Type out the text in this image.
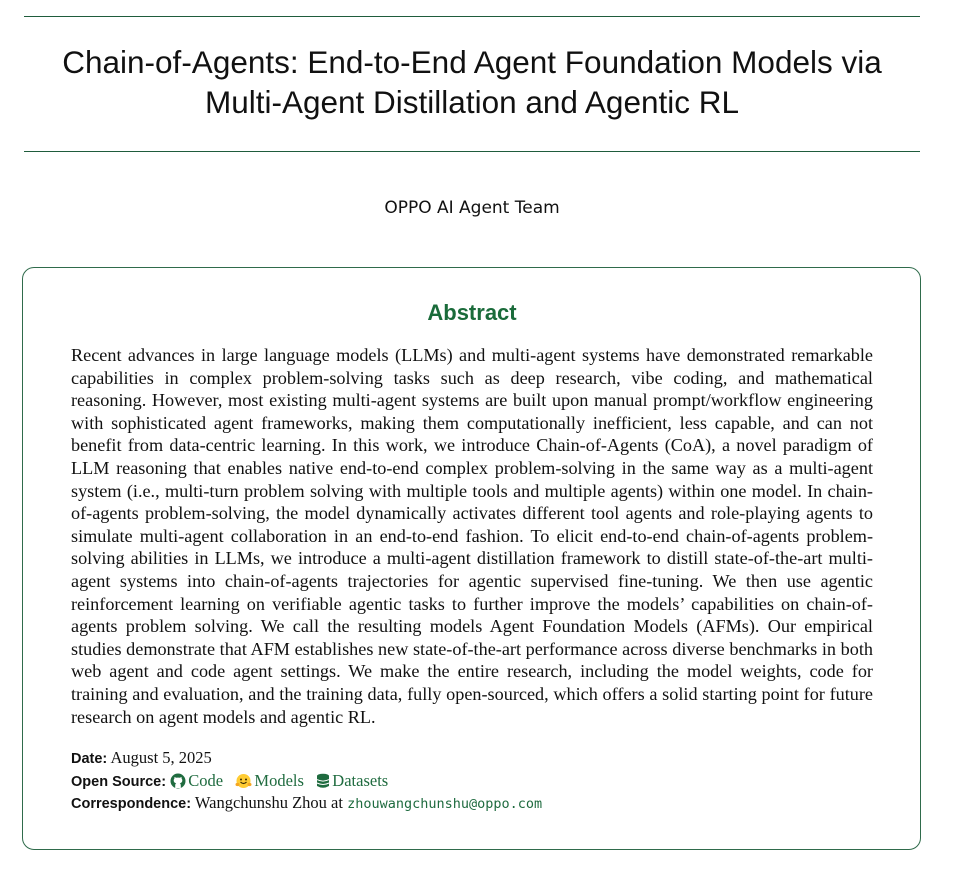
Chain-of-Agents: End-to-End Agent Foundation Models via
Multi-Agent Distillation and Agentic RL
OPPO AI Agent Team
Abstract

Recent advances in large language models (LLMs) and multi-agent systems have demonstrated remarkable capabilities in complex problem-solving tasks such as deep research, vibe coding, and mathematical reasoning. However, most existing multi-agent systems are built upon manual prompt/workflow engineering with sophisticated agent frameworks, making them computationally inefficient, less capable, and can not benefit from data-centric learning. In this work, we introduce Chain-of-Agents (CoA), a novel paradigm of LLM reasoning that enables native end-to-end complex problem-solving in the same way as a multi-agent system (i.e., multi-turn problem solving with multiple tools and multiple agents) within one model. In chain-of-agents problem-solving, the model dynamically activates different tool agents and role-playing agents to simulate multi-agent collaboration in an end-to-end fashion. To elicit end-to-end chain-of-agents problem-solving abilities in LLMs, we introduce a multi-agent distillation framework to distill state-of-the-art multi-agent systems into chain-of-agents trajectories for agentic supervised fine-tuning. We then use agentic reinforcement learning on verifiable agentic tasks to further improve the models’ capabilities on chain-of-agents problem solving. We call the resulting models Agent Foundation Models (AFMs). Our empirical studies demonstrate that AFM establishes new state-of-the-art performance across diverse benchmarks in both web agent and code agent settings. We make the entire research, including the model weights, code for training and evaluation, and the training data, fully open-sourced, which offers a solid starting point for future research on agent models and agentic RL.

Date: August 5, 2025
Open Source: Code Models Datasets
Correspondence: Wangchunshu Zhou at zhouwangchunshu@oppo.com
